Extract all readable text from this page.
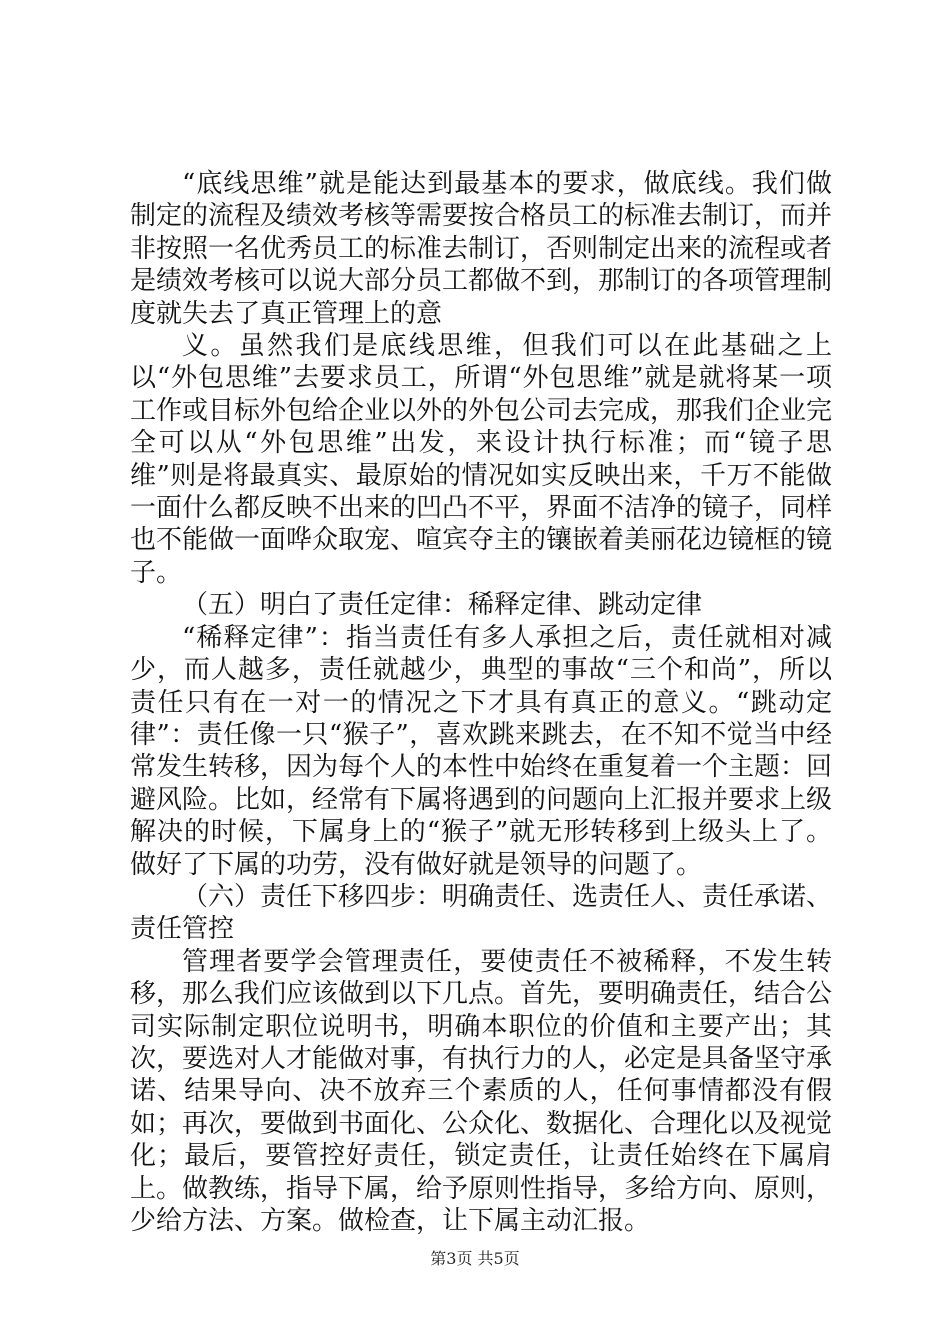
“底线思维”就是能达到最基本的要求，做底线。我们做制定的流程及绩效考核等需要按合格员工的标准去制订，而并非按照一名优秀员工的标准去制订，否则制定出来的流程或者是绩效考核可以说大部分员工都做不到，那制订的各项管理制度就失去了真正管理上的意

义。虽然我们是底线思维，但我们可以在此基础之上以“外包思维”去要求员工，所谓“外包思维”就是就将某一项工作或目标外包给企业以外的外包公司去完成，那我们企业完全可以从“外包思维”出发，来设计执行标准；而“镜子思维”则是将最真实、最原始的情况如实反映出来，千万不能做一面什么都反映不出来的凹凸不平，界面不洁净的镜子，同样也不能做一面哗众取宠、喧宾夺主的镶嵌着美丽花边镜框的镜子。

（五）明白了责任定律：稀释定律、跳动定律

“稀释定律”：指当责任有多人承担之后，责任就相对减少，而人越多，责任就越少，典型的事故“三个和尚”，所以责任只有在一对一的情况之下才具有真正的意义。“跳动定律”：责任像一只“猴子”，喜欢跳来跳去，在不知不觉当中经常发生转移，因为每个人的本性中始终在重复着一个主题：回避风险。比如，经常有下属将遇到的问题向上汇报并要求上级解决的时候，下属身上的“猴子”就无形转移到上级头上了。做好了下属的功劳，没有做好就是领导的问题了。

（六）责任下移四步：明确责任、选责任人、责任承诺、责任管控

管理者要学会管理责任，要使责任不被稀释，不发生转移，那么我们应该做到以下几点。首先，要明确责任，结合公司实际制定职位说明书，明确本职位的价值和主要产出；其次，要选对人才能做对事，有执行力的人，必定是具备坚守承诺、结果导向、决不放弃三个素质的人，任何事情都没有假如；再次，要做到书面化、公众化、数据化、合理化以及视觉化；最后，要管控好责任，锁定责任，让责任始终在下属肩上。做教练，指导下属，给予原则性指导，多给方向、原则，少给方法、方案。做检查，让下属主动汇报。

第3页 共5页
